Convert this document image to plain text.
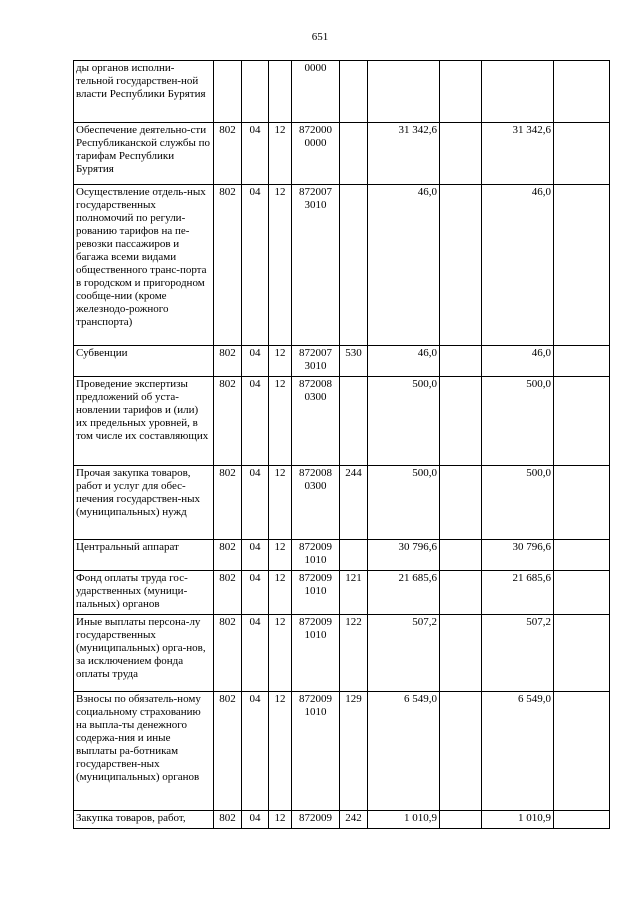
651
ды органов исполни-тельной государствен-ной власти Республики Бурятия				0000					
Обеспечение деятельно-сти Республиканской службы по тарифам Республики Бурятия	802	04	12	872000 0000		31 342,6		31 342,6	
Осуществление отдель-ных государственных полномочий по регули-рованию тарифов на пе-ревозки пассажиров и багажа всеми видами общественного транс-порта в городском и пригородном сообще-нии (кроме железнодо-рожного транспорта)	802	04	12	872007 3010		46,0		46,0	
Субвенции	802	04	12	872007 3010	530	46,0		46,0	
Проведение экспертизы предложений об уста-новлении тарифов и (или) их предельных уровней, в том числе их составляющих	802	04	12	872008 0300		500,0		500,0	
Прочая закупка товаров, работ и услуг для обес-печения государствен-ных (муниципальных) нужд	802	04	12	872008 0300	244	500,0		500,0	
Центральный аппарат	802	04	12	872009 1010		30 796,6		30 796,6	
Фонд оплаты труда гос-ударственных (муници-пальных) органов	802	04	12	872009 1010	121	21 685,6		21 685,6	
Иные выплаты персона-лу государственных (муниципальных) орга-нов, за исключением фонда оплаты труда	802	04	12	872009 1010	122	507,2		507,2	
Взносы по обязатель-ному социальному страхованию на выпла-ты денежного содержа-ния и иные выплаты ра-ботникам государствен-ных (муниципальных) органов	802	04	12	872009 1010	129	6 549,0		6 549,0	
Закупка товаров, работ,	802	04	12	872009	242	1 010,9		1 010,9	
